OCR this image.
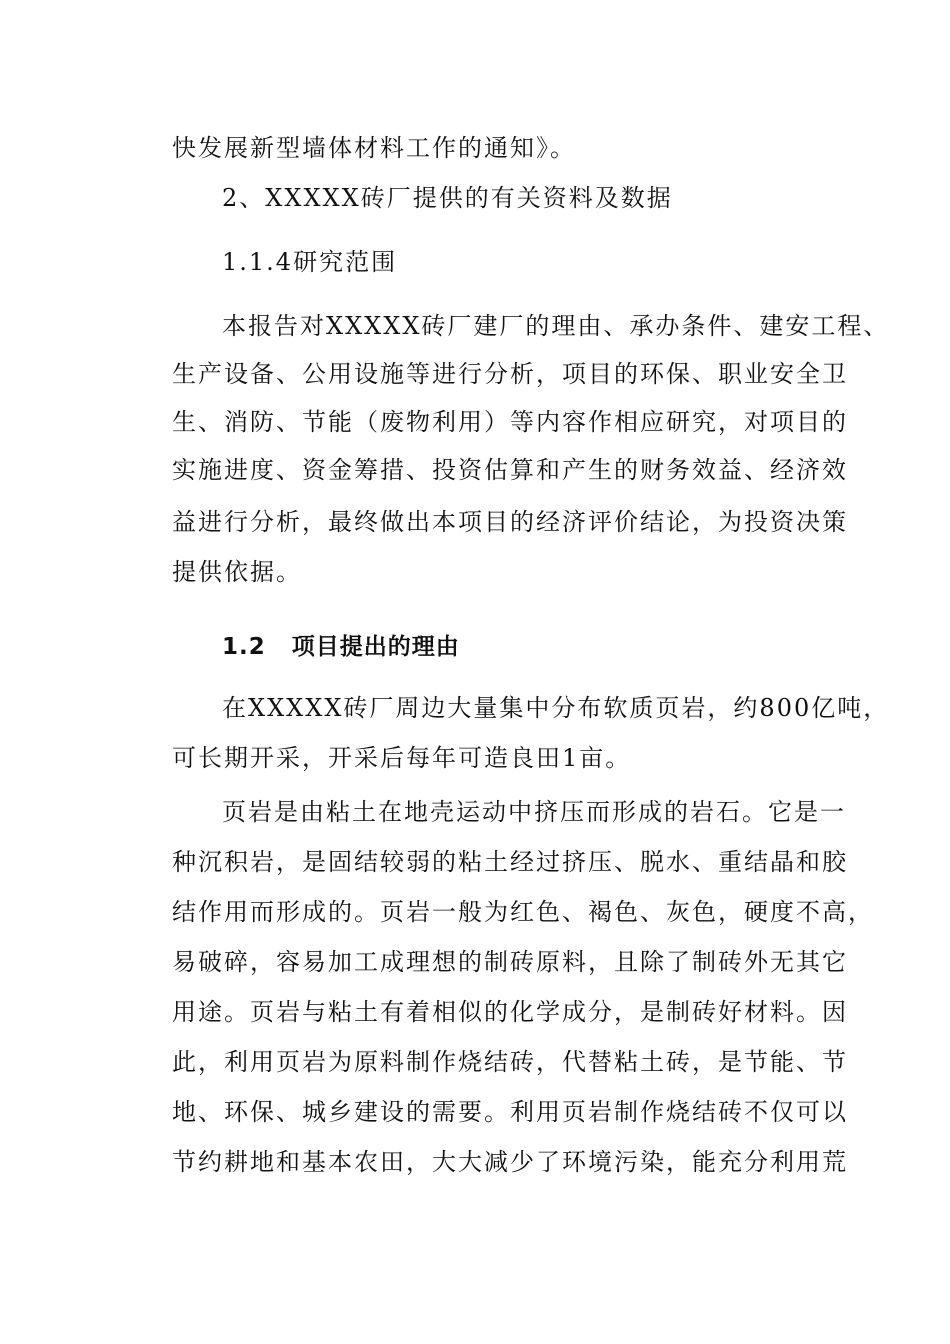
快发展新型墙体材料工作的通知》。
2、XXXXX砖厂提供的有关资料及数据
1.1.4研究范围
本报告对XXXXX砖厂建厂的理由、承办条件、建安工程、
生产设备、公用设施等进行分析，项目的环保、职业安全卫
生、消防、节能（废物利用）等内容作相应研究，对项目的
实施进度、资金筹措、投资估算和产生的财务效益、经济效
益进行分析，最终做出本项目的经济评价结论，为投资决策
提供依据。
1.2 项目提出的理由
在XXXXX砖厂周边大量集中分布软质页岩，约800亿吨，
可长期开采，开采后每年可造良田1亩。
页岩是由粘土在地壳运动中挤压而形成的岩石。它是一
种沉积岩，是固结较弱的粘土经过挤压、脱水、重结晶和胶
结作用而形成的。页岩一般为红色、褐色、灰色，硬度不高，
易破碎，容易加工成理想的制砖原料，且除了制砖外无其它
用途。页岩与粘土有着相似的化学成分，是制砖好材料。因
此，利用页岩为原料制作烧结砖，代替粘土砖，是节能、节
地、环保、城乡建设的需要。利用页岩制作烧结砖不仅可以
节约耕地和基本农田，大大减少了环境污染，能充分利用荒
